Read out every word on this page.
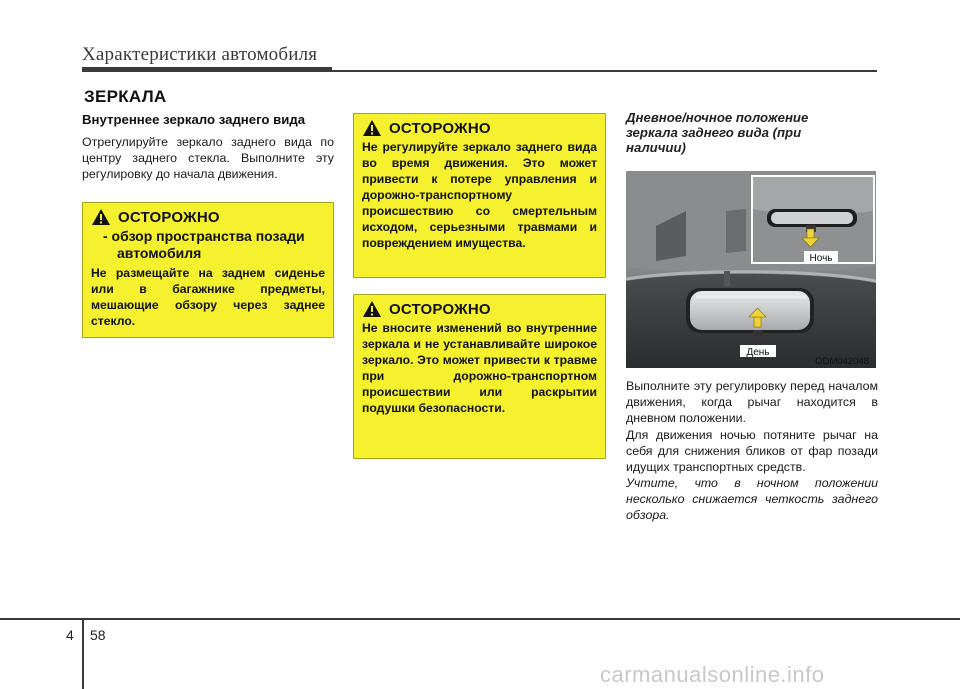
Характеристики автомобиля
ЗЕРКАЛА
Внутреннее зеркало заднего вида
Отрегулируйте зеркало заднего вида по центру заднего стекла. Выполните эту регулировку до начала движения.
ОСТОРОЖНО
- обзор пространства позади автомобиля
Не размещайте на заднем сиденье или в багажнике предметы, мешающие обзору через заднее стекло.
ОСТОРОЖНО
Не регулируйте зеркало заднего вида во время движения. Это может привести к потере управления и дорожно-транспортному происшествию со смертельным исходом, серьезными травмами и повреждением имущества.
ОСТОРОЖНО
Не вносите изменений во внутренние зеркала и не устанавливайте широкое зеркало. Это может привести к травме при дорожно-транспортном происшествии или раскрытии подушки безопасности.
Дневное/ночное положение зеркала заднего вида (при наличии)
Ночь
День
ODM042048
Выполните эту регулировку перед началом движения, когда рычаг находится в дневном положении.
Для движения ночью потяните рычаг на себя для снижения бликов от фар позади идущих транспортных средств.
Учтите, что в ночном положении несколько снижается четкость заднего обзора.
4 58
carmanualsonline.info
